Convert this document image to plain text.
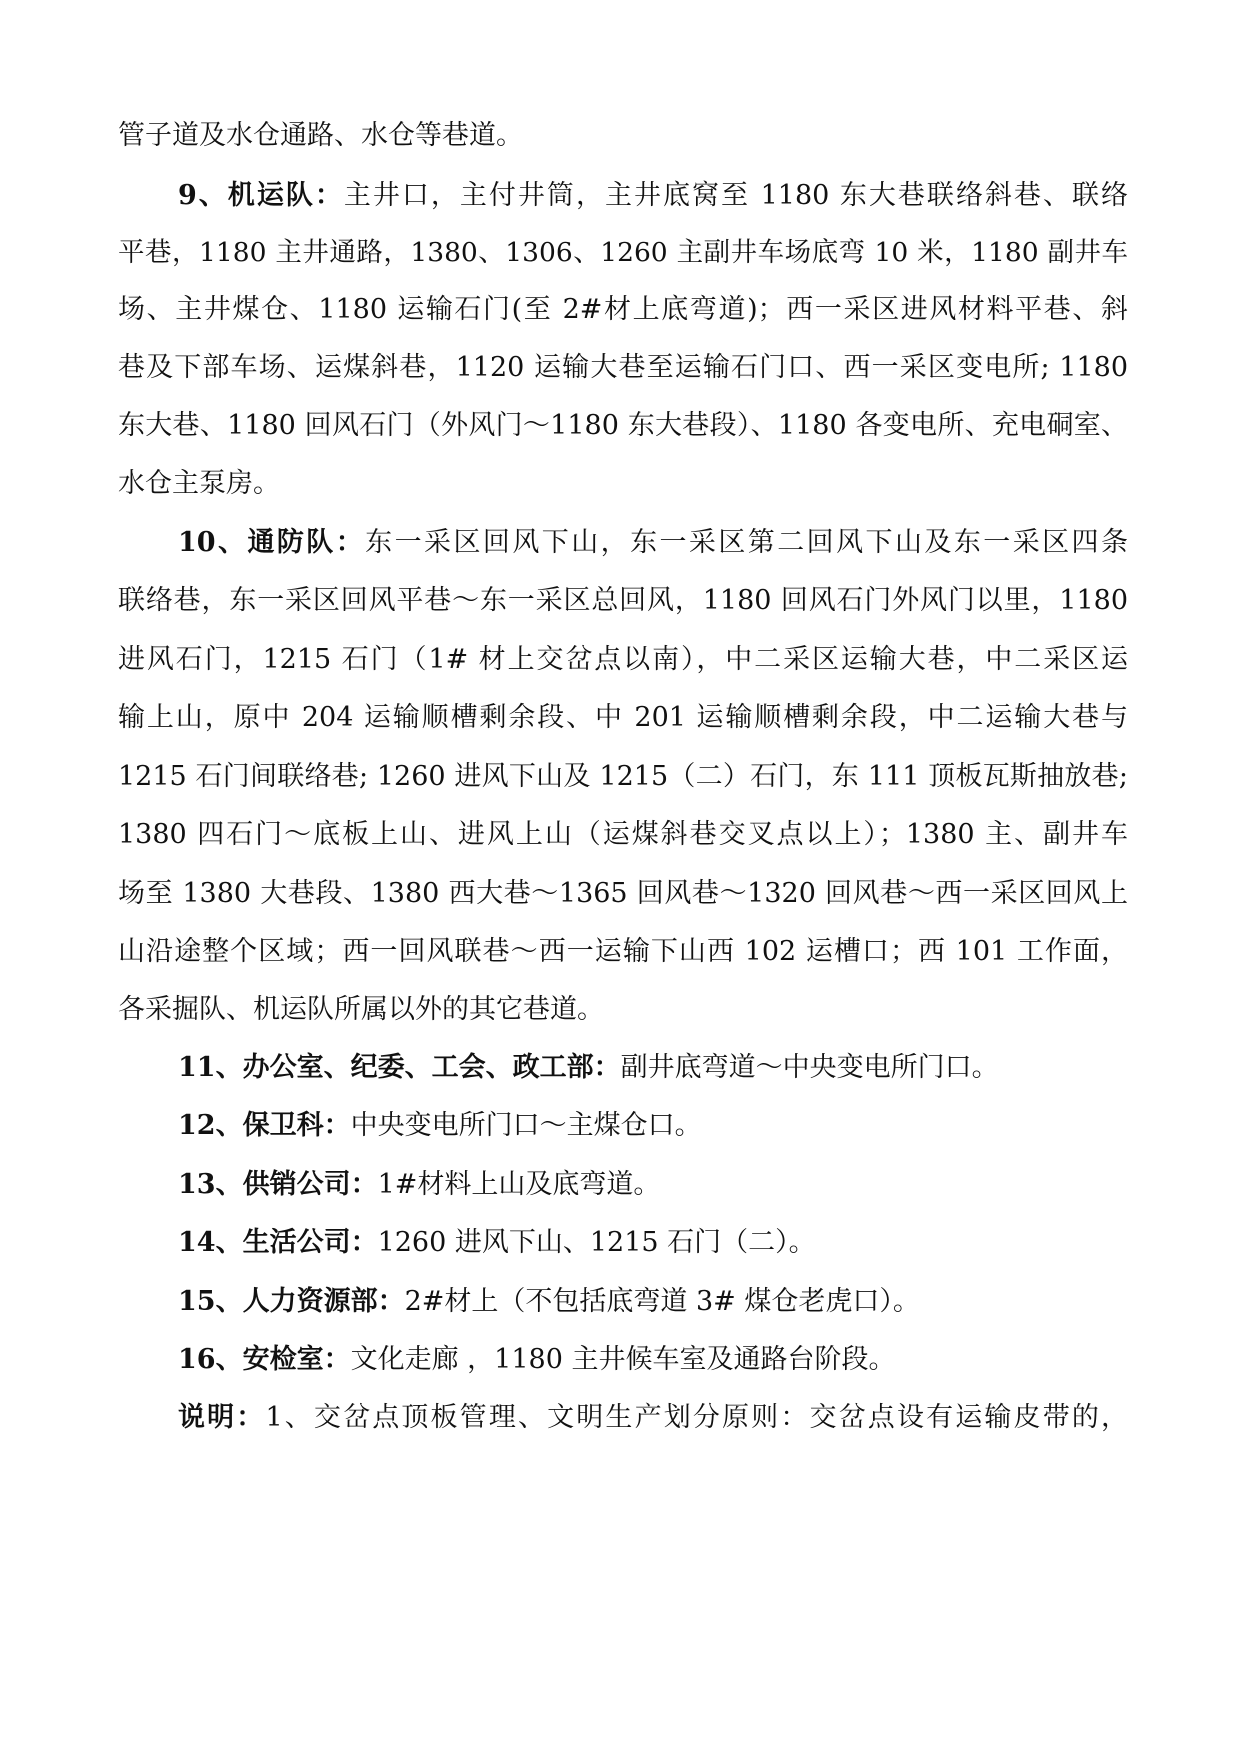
管子道及水仓通路、水仓等巷道。
9、机运队：主井口，主付井筒，主井底窝至 1180 东大巷联络斜巷、联络
平巷，1180 主井通路，1380、1306、1260 主副井车场底弯 10 米，1180 副井车
场、主井煤仓、1180 运输石门(至 2#材上底弯道)；西一采区进风材料平巷、斜
巷及下部车场、运煤斜巷，1120 运输大巷至运输石门口、西一采区变电所; 1180
东大巷、1180 回风石门（外风门～1180 东大巷段）、1180 各变电所、充电硐室、
水仓主泵房。
10、通防队：东一采区回风下山，东一采区第二回风下山及东一采区四条
联络巷，东一采区回风平巷～东一采区总回风，1180 回风石门外风门以里，1180
进风石门，1215 石门（1# 材上交岔点以南），中二采区运输大巷，中二采区运
输上山，原中 204 运输顺槽剩余段、中 201 运输顺槽剩余段，中二运输大巷与
1215 石门间联络巷; 1260 进风下山及 1215（二）石门，东 111 顶板瓦斯抽放巷;
1380 四石门～底板上山、进风上山（运煤斜巷交叉点以上）；1380 主、副井车
场至 1380 大巷段、1380 西大巷～1365 回风巷～1320 回风巷～西一采区回风上
山沿途整个区域；西一回风联巷～西一运输下山西 102 运槽口；西 101 工作面，
各采掘队、机运队所属以外的其它巷道。
11、办公室、纪委、工会、政工部：副井底弯道～中央变电所门口。
12、保卫科：中央变电所门口～主煤仓口。
13、供销公司：1#材料上山及底弯道。
14、生活公司：1260 进风下山、1215 石门（二）。
15、人力资源部：2#材上（不包括底弯道 3# 煤仓老虎口）。
16、安检室：文化走廊 ，1180 主井候车室及通路台阶段。
说明：1、交岔点顶板管理、文明生产划分原则：交岔点设有运输皮带的，
